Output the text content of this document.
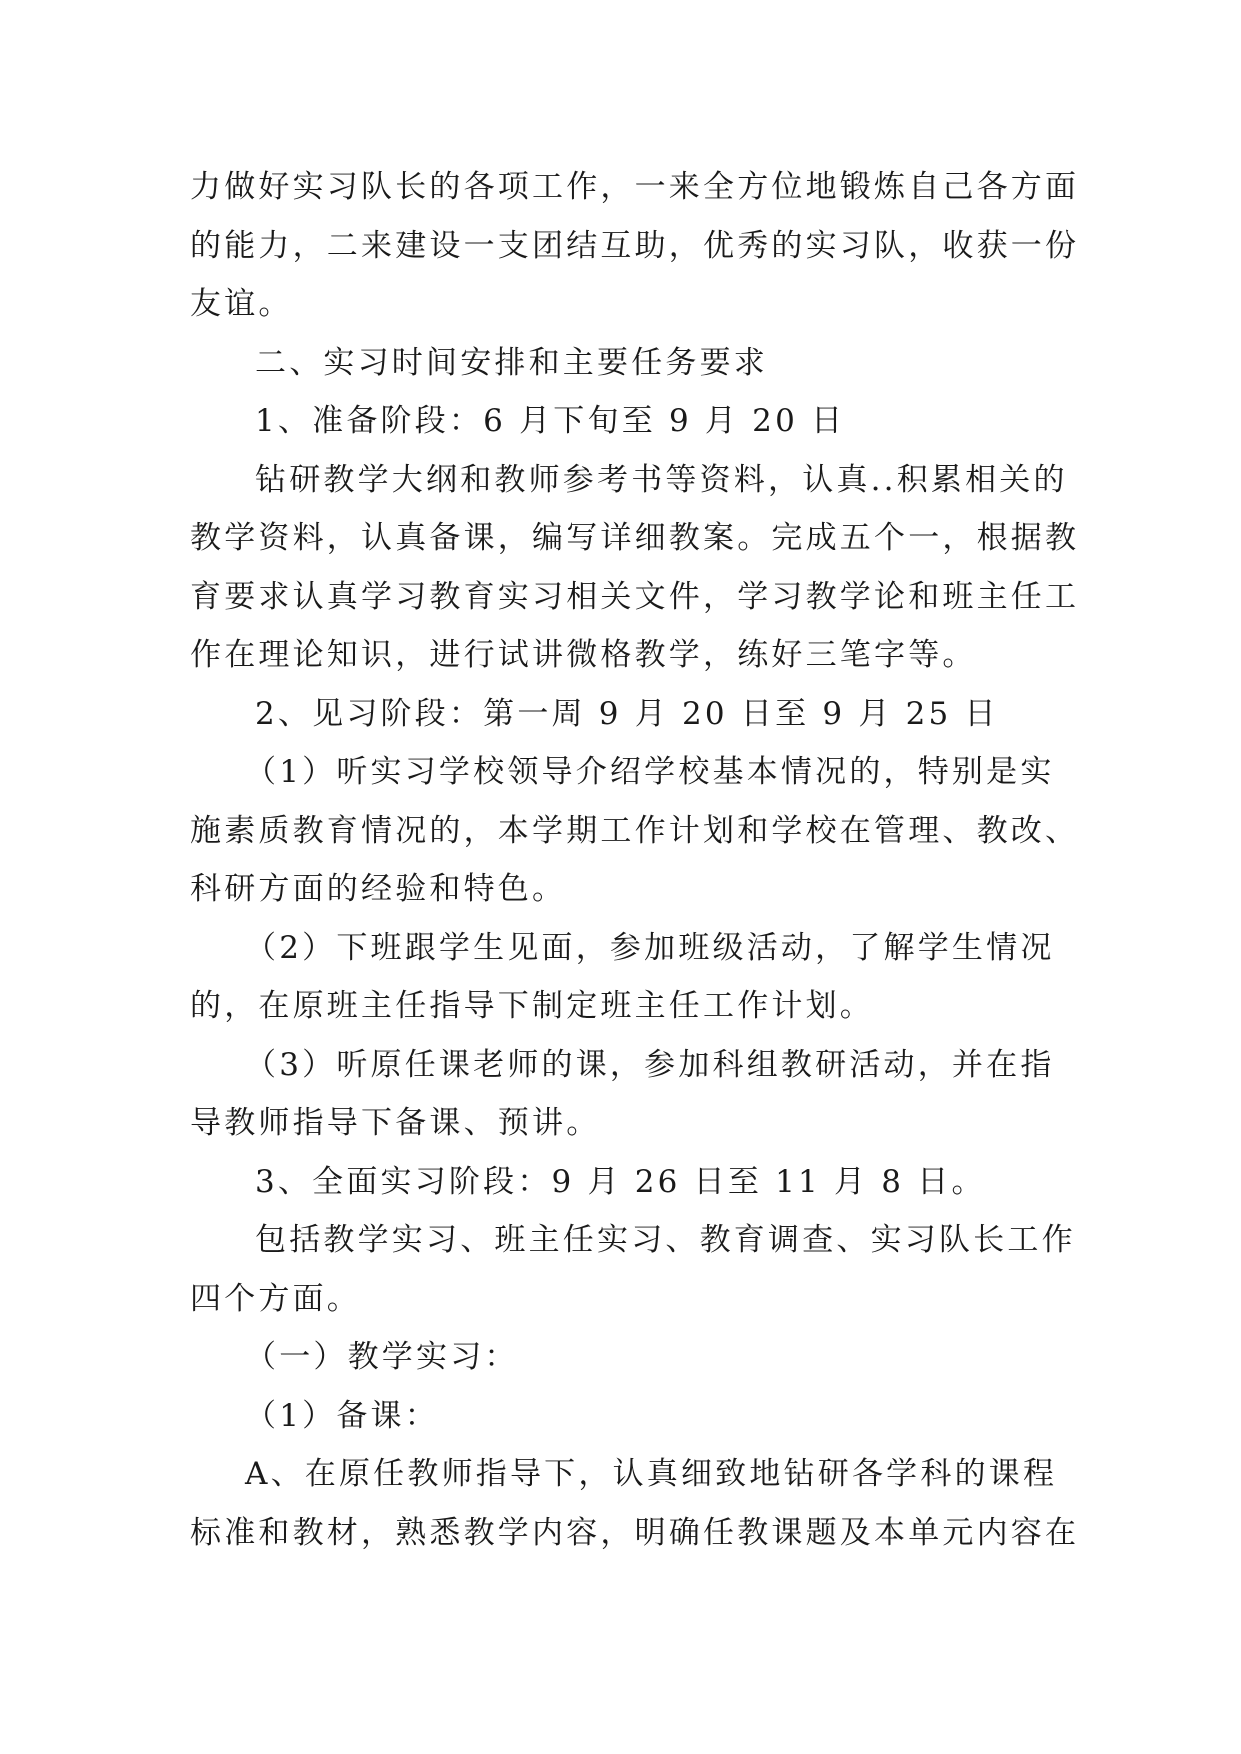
力做好实习队长的各项工作，一来全方位地锻炼自己各方面
的能力，二来建设一支团结互助，优秀的实习队，收获一份
友谊。
二、实习时间安排和主要任务要求
1、准备阶段：6 月下旬至 9 月 20 日
钻研教学大纲和教师参考书等资料，认真..积累相关的
教学资料，认真备课，编写详细教案。完成五个一，根据教
育要求认真学习教育实习相关文件，学习教学论和班主任工
作在理论知识，进行试讲微格教学，练好三笔字等。
2、见习阶段：第一周 9 月 20 日至 9 月 25 日
（1）听实习学校领导介绍学校基本情况的，特别是实
施素质教育情况的，本学期工作计划和学校在管理、教改、
科研方面的经验和特色。
（2）下班跟学生见面，参加班级活动，了解学生情况
的，在原班主任指导下制定班主任工作计划。
（3）听原任课老师的课，参加科组教研活动，并在指
导教师指导下备课、预讲。
3、全面实习阶段：9 月 26 日至 11 月 8 日。
包括教学实习、班主任实习、教育调查、实习队长工作
四个方面。
（一）教学实习：
（1）备课：
A、在原任教师指导下，认真细致地钻研各学科的课程
标准和教材，熟悉教学内容，明确任教课题及本单元内容在
